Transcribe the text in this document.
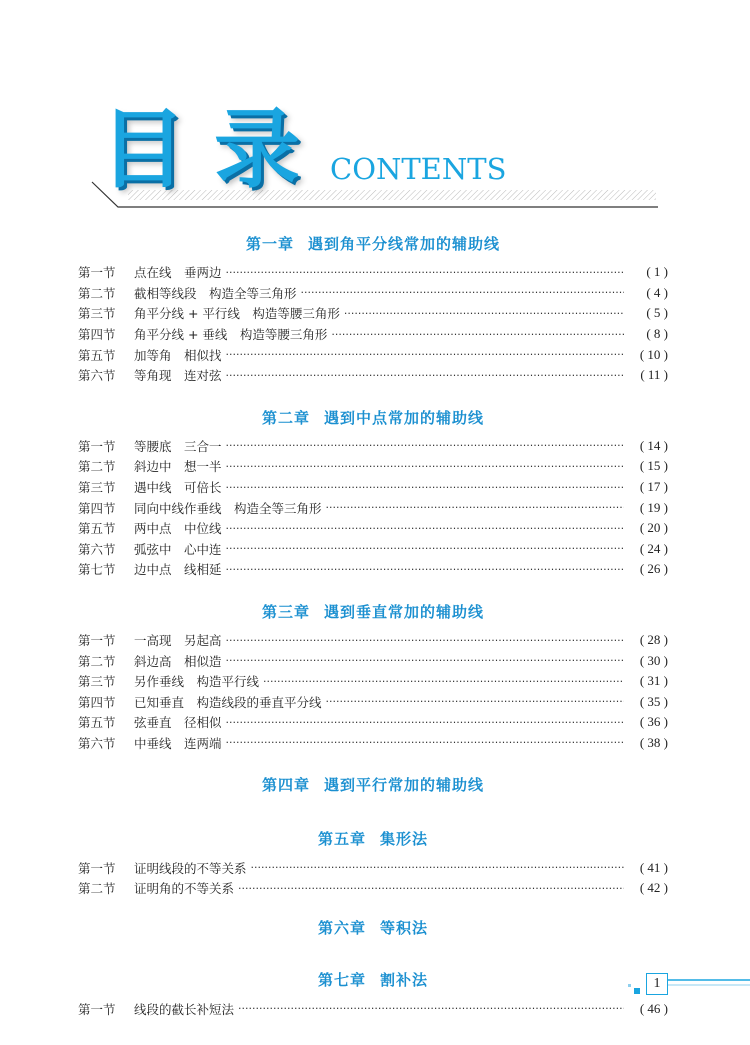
目录 CONTENTS
第一章 遇到角平分线常加的辅助线
第一节	点在线　垂两边 ·····	( 1 )
第二节	截相等线段　构造全等三角形 ·····	( 4 )
第三节	角平分线 + 平行线　构造等腰三角形 ·····	( 5 )
第四节	角平分线 + 垂线　构造等腰三角形 ·····	( 8 )
第五节	加等角　相似找 ·····	( 10 )
第六节	等角现　连对弦 ·····	( 11 )
第二章 遇到中点常加的辅助线
第一节	等腰底　三合一 ·····	( 14 )
第二节	斜边中　想一半 ·····	( 15 )
第三节	遇中线　可倍长 ·····	( 17 )
第四节	同向中线作垂线　构造全等三角形 ·····	( 19 )
第五节	两中点　中位线 ·····	( 20 )
第六节	弧弦中　心中连 ·····	( 24 )
第七节	边中点　线相延 ·····	( 26 )
第三章 遇到垂直常加的辅助线
第一节	一高现　另起高 ·····	( 28 )
第二节	斜边高　相似造 ·····	( 30 )
第三节	另作垂线　构造平行线 ·····	( 31 )
第四节	已知垂直　构造线段的垂直平分线 ·····	( 35 )
第五节	弦垂直　径相似 ·····	( 36 )
第六节	中垂线　连两端 ·····	( 38 )
第四章 遇到平行常加的辅助线
第五章 集形法
第一节	证明线段的不等关系 ·····	( 41 )
第二节	证明角的不等关系 ·····	( 42 )
第六章 等积法
第七章 割补法
第一节	线段的截长补短法 ·····	( 46 )
1
